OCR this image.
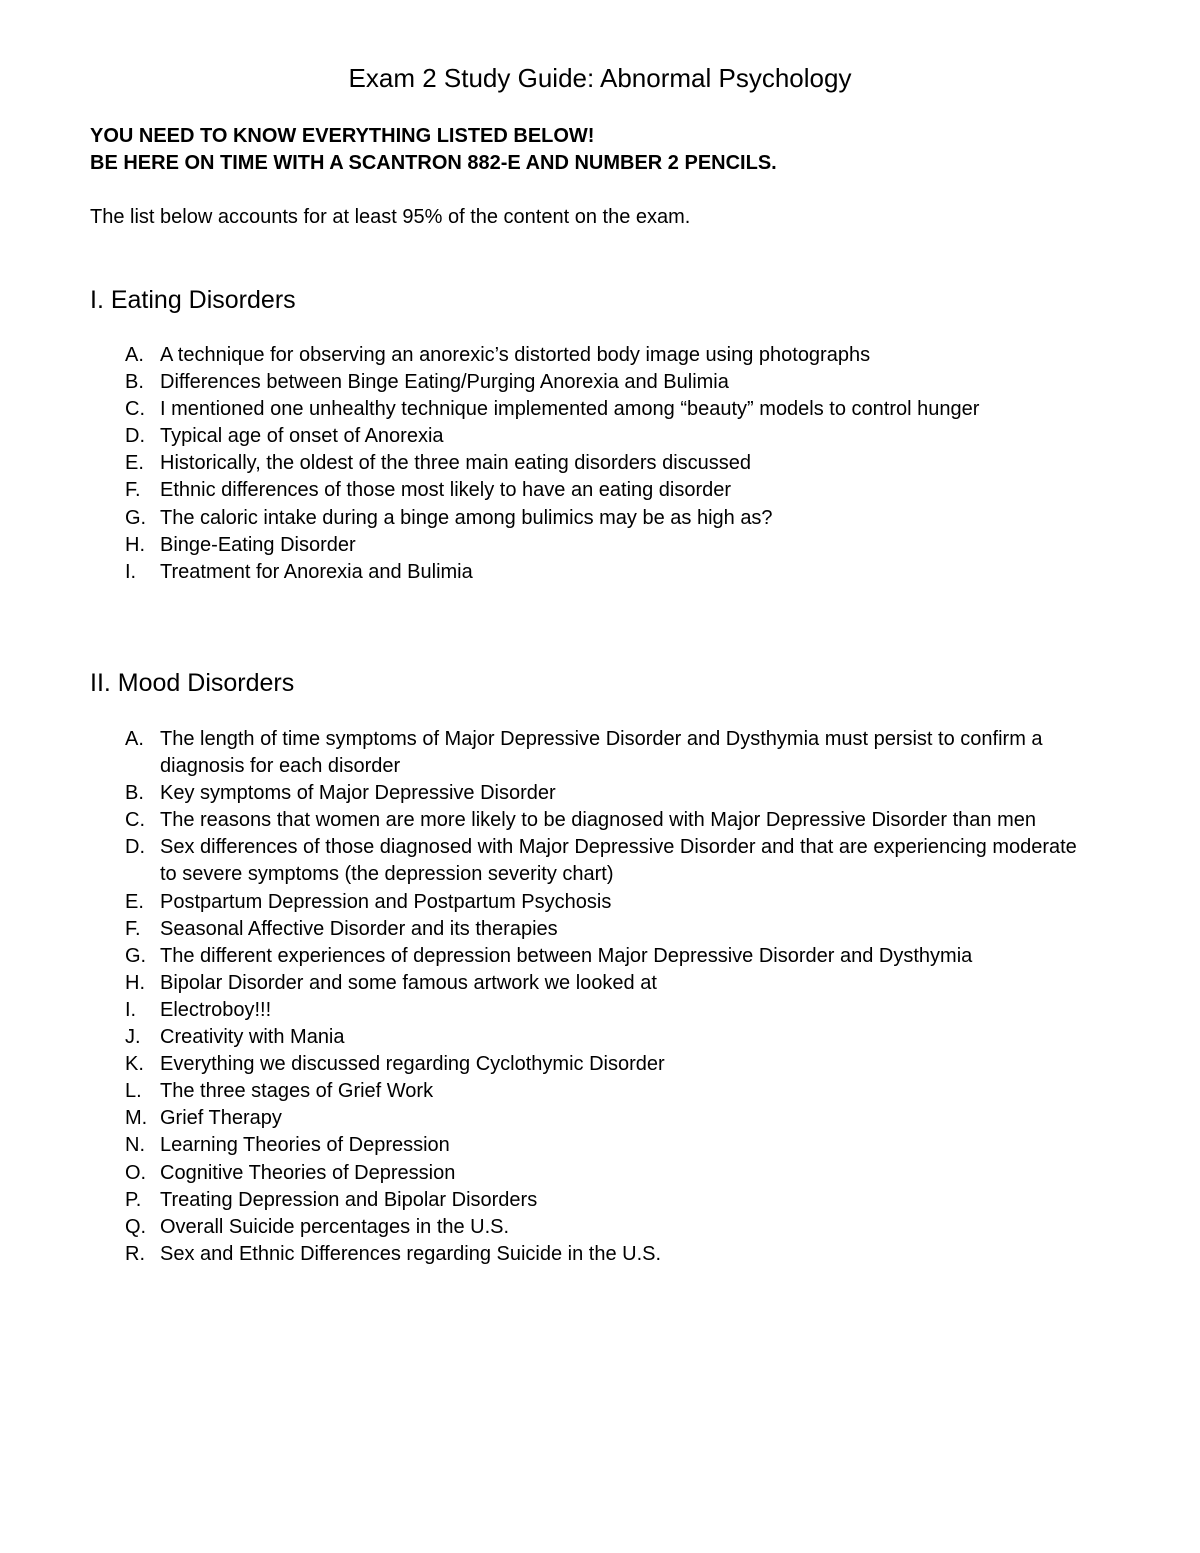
Exam 2 Study Guide: Abnormal Psychology

YOU NEED TO KNOW EVERYTHING LISTED BELOW!
BE HERE ON TIME WITH A SCANTRON 882-E AND NUMBER 2 PENCILS.

The list below accounts for at least 95% of the content on the exam.

I. Eating Disorders
A. A technique for observing an anorexic’s distorted body image using photographs
B. Differences between Binge Eating/Purging Anorexia and Bulimia
C. I mentioned one unhealthy technique implemented among “beauty” models to control hunger
D. Typical age of onset of Anorexia
E. Historically, the oldest of the three main eating disorders discussed
F. Ethnic differences of those most likely to have an eating disorder
G. The caloric intake during a binge among bulimics may be as high as?
H. Binge-Eating Disorder
I.	Treatment for Anorexia and Bulimia
II. Mood Disorders
A. The length of time symptoms of Major Depressive Disorder and Dysthymia must persist to confirm a diagnosis for each disorder
B. Key symptoms of Major Depressive Disorder
C. The reasons that women are more likely to be diagnosed with Major Depressive Disorder than men
D. Sex differences of those diagnosed with Major Depressive Disorder and that are experiencing moderate to severe symptoms (the depression severity chart)
E. Postpartum Depression and Postpartum Psychosis
F. Seasonal Affective Disorder and its therapies
G. The different experiences of depression between Major Depressive Disorder and Dysthymia
H. Bipolar Disorder and some famous artwork we looked at
I.	Electroboy!!!
J. Creativity with Mania
K. Everything we discussed regarding Cyclothymic Disorder
L. The three stages of Grief Work
M. Grief Therapy
N. Learning Theories of Depression
O. Cognitive Theories of Depression
P. Treating Depression and Bipolar Disorders
Q. Overall Suicide percentages in the U.S.
R. Sex and Ethnic Differences regarding Suicide in the U.S.
